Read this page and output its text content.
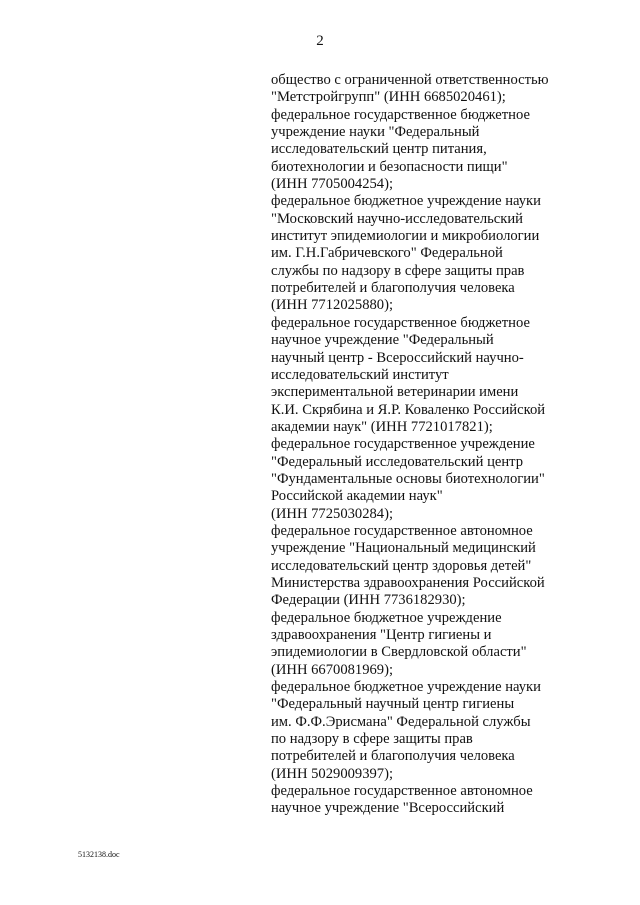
2
общество с ограниченной ответственностью
"Метстройгрупп" (ИНН 6685020461);
федеральное государственное бюджетное
учреждение науки "Федеральный
исследовательский центр питания,
биотехнологии и безопасности пищи"
(ИНН 7705004254);
федеральное бюджетное учреждение науки
"Московский научно-исследовательский
институт эпидемиологии и микробиологии
им. Г.Н.Габричевского" Федеральной
службы по надзору в сфере защиты прав
потребителей и благополучия человека
(ИНН 7712025880);
федеральное государственное бюджетное
научное учреждение "Федеральный
научный центр - Всероссийский научно-
исследовательский институт
экспериментальной ветеринарии имени
К.И. Скрябина и Я.Р. Коваленко Российской
академии наук" (ИНН 7721017821);
федеральное государственное учреждение
"Федеральный исследовательский центр
"Фундаментальные основы биотехнологии"
Российской академии наук"
(ИНН 7725030284);
федеральное государственное автономное
учреждение "Национальный медицинский
исследовательский центр здоровья детей"
Министерства здравоохранения Российской
Федерации (ИНН 7736182930);
федеральное бюджетное учреждение
здравоохранения "Центр гигиены и
эпидемиологии в Свердловской области"
(ИНН 6670081969);
федеральное бюджетное учреждение науки
"Федеральный научный центр гигиены
им. Ф.Ф.Эрисмана" Федеральной службы
по надзору в сфере защиты прав
потребителей и благополучия человека
(ИНН 5029009397);
федеральное государственное автономное
научное учреждение "Всероссийский
5132138.doc
